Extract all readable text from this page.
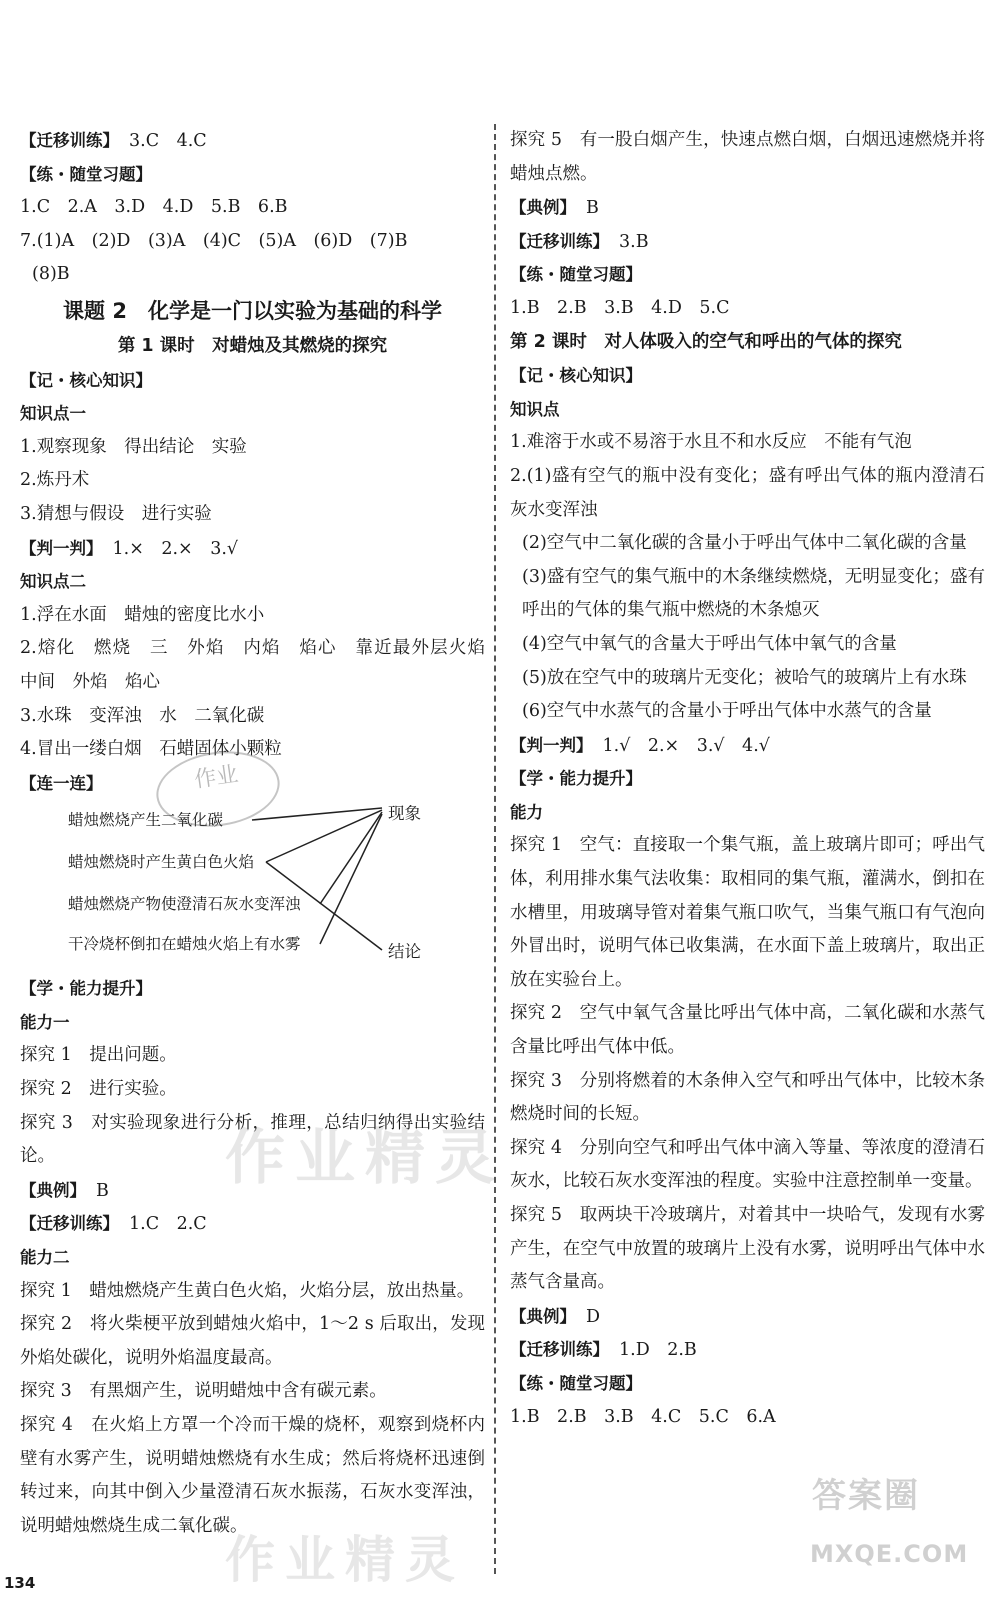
【迁移训练】 3.C　4.C
【练・随堂习题】
1.C　2.A　3.D　4.D　5.B　6.B
7.(1)A　(2)D　(3)A　(4)C　(5)A　(6)D　(7)B
(8)B
课题 2　化学是一门以实验为基础的科学
第 1 课时　对蜡烛及其燃烧的探究
【记・核心知识】
知识点一
1.观察现象　得出结论　实验
2.炼丹术
3.猜想与假设　进行实验
【判一判】 1.×　2.×　3.√
知识点二
1.浮在水面　蜡烛的密度比水小
2.熔化　燃烧　三　外焰　内焰　焰心　靠近最外层火焰　中间　外焰　焰心
3.水珠　变浑浊　水　二氧化碳
4.冒出一缕白烟　石蜡固体小颗粒
【连一连】
蜡烛燃烧产生二氧化碳
蜡烛燃烧时产生黄白色火焰
蜡烛燃烧产物使澄清石灰水变浑浊
干冷烧杯倒扣在蜡烛火焰上有水雾
现象
结论
【学・能力提升】
能力一
探究 1　提出问题。
探究 2　进行实验。
探究 3　对实验现象进行分析，推理，总结归纳得出实验结论。
【典例】 B
【迁移训练】 1.C　2.C
能力二
探究 1　蜡烛燃烧产生黄白色火焰，火焰分层，放出热量。
探究 2　将火柴梗平放到蜡烛火焰中，1～2 s 后取出，发现外焰处碳化，说明外焰温度最高。
探究 3　有黑烟产生，说明蜡烛中含有碳元素。
探究 4　在火焰上方罩一个冷而干燥的烧杯，观察到烧杯内壁有水雾产生，说明蜡烛燃烧有水生成；然后将烧杯迅速倒转过来，向其中倒入少量澄清石灰水振荡，石灰水变浑浊，说明蜡烛燃烧生成二氧化碳。
探究 5　有一股白烟产生，快速点燃白烟，白烟迅速燃烧并将蜡烛点燃。
【典例】 B
【迁移训练】 3.B
【练・随堂习题】
1.B　2.B　3.B　4.D　5.C
第 2 课时　对人体吸入的空气和呼出的气体的探究
【记・核心知识】
知识点
1.难溶于水或不易溶于水且不和水反应　不能有气泡
2.(1)盛有空气的瓶中没有变化；盛有呼出气体的瓶内澄清石灰水变浑浊
(2)空气中二氧化碳的含量小于呼出气体中二氧化碳的含量
(3)盛有空气的集气瓶中的木条继续燃烧，无明显变化；盛有呼出的气体的集气瓶中燃烧的木条熄灭
(4)空气中氧气的含量大于呼出气体中氧气的含量
(5)放在空气中的玻璃片无变化；被哈气的玻璃片上有水珠
(6)空气中水蒸气的含量小于呼出气体中水蒸气的含量
【判一判】 1.√　2.×　3.√　4.√
【学・能力提升】
能力
探究 1　空气：直接取一个集气瓶，盖上玻璃片即可；呼出气体，利用排水集气法收集：取相同的集气瓶，灌满水，倒扣在水槽里，用玻璃导管对着集气瓶口吹气，当集气瓶口有气泡向外冒出时，说明气体已收集满，在水面下盖上玻璃片，取出正放在实验台上。
探究 2　空气中氧气含量比呼出气体中高，二氧化碳和水蒸气含量比呼出气体中低。
探究 3　分别将燃着的木条伸入空气和呼出气体中，比较木条燃烧时间的长短。
探究 4　分别向空气和呼出气体中滴入等量、等浓度的澄清石灰水，比较石灰水变浑浊的程度。实验中注意控制单一变量。
探究 5　取两块干冷玻璃片，对着其中一块哈气，发现有水雾产生，在空气中放置的玻璃片上没有水雾，说明呼出气体中水蒸气含量高。
【典例】 D
【迁移训练】 1.D　2.B
【练・随堂习题】
1.B　2.B　3.B　4.C　5.C　6.A
作业
作业精灵
作业精灵
答案圈
MXQE.COM
134
